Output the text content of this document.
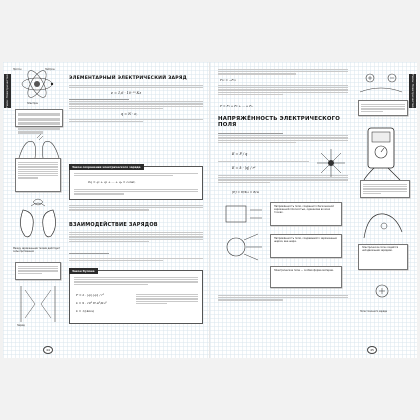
Тема: Электричество
Протон	Нейтрон
Электрон
ЭЛЕМЕНТАРНЫЙ ЭЛЕКТРИЧЕСКИЙ ЗАРЯД
e = 1,6 · 10⁻¹⁹ Кл
q = N · e,
Закон сохранения электрического заряда
Σq = q₁ + q₂ + ... + qₙ = const,
Между заряженными телами действуют силы притяжения
ВЗАИМОДЕЙСТВИЕ ЗАРЯДОВ
Закон Кулона
F = k · |q₁|·|q₂| / r²
k = 9 · 10⁹ Н·м²/Кл²
k = 1/(4πε₀)
Заряд
44
Тема: Электричество
F₁₂ = −F₂₁
F = F₁ + F₂ + ... + Fₙ
НАПРЯЖЁННОСТЬ ЭЛЕКТРИЧЕСКОГО ПОЛЯ
E = F / q
E = k · |q| / r²
[E] = Н/Кл = В/м
Напряжённость поля, созданного бесконечной заряженной плоскостью, одинакова во всех точках.
Напряжённость поля, создаваемого заряженным шаром, вне шара.
Электрическое поле — особая форма материи.
Электрическое поле создаётся неподвижными зарядами.
Поле точечного заряда
45
